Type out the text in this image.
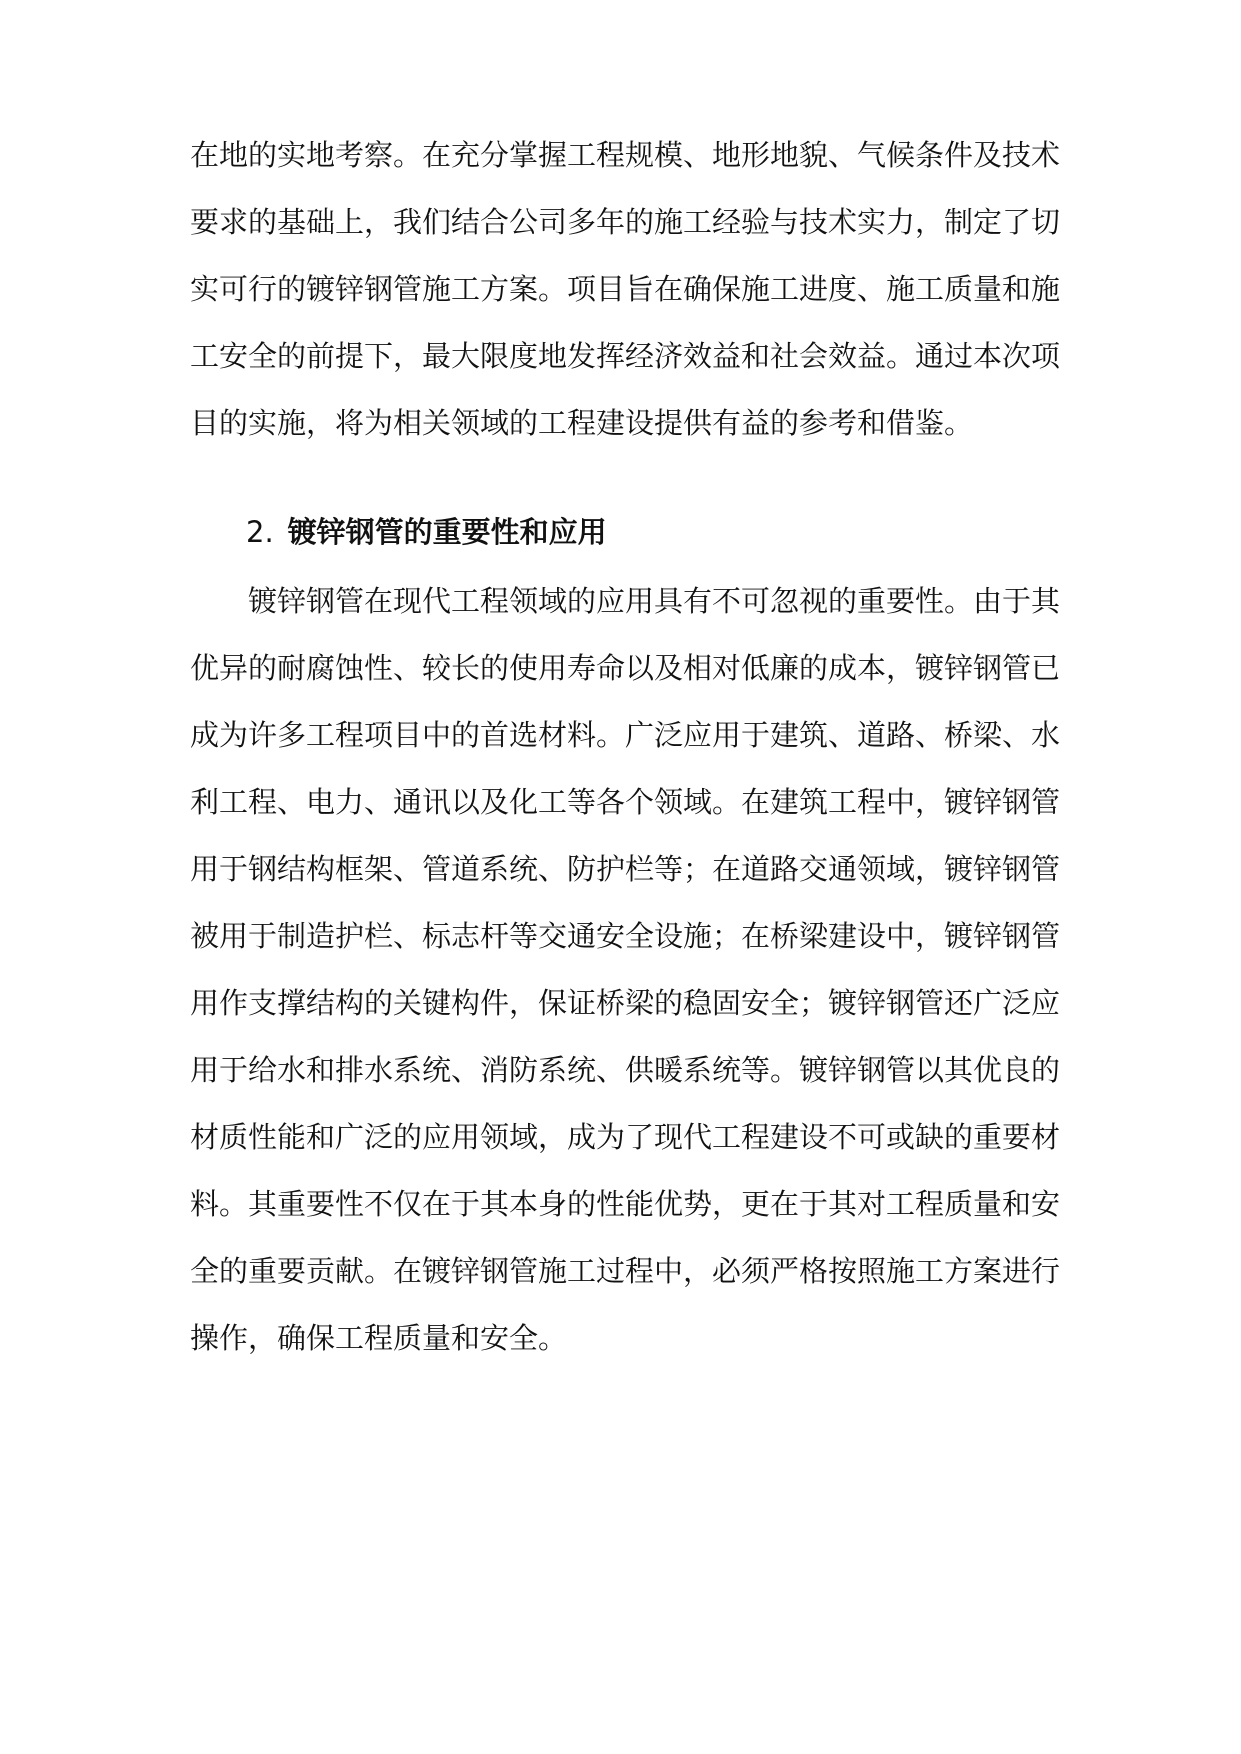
在地的实地考察。在充分掌握工程规模、地形地貌、气候条件及技术
要求的基础上，我们结合公司多年的施工经验与技术实力，制定了切
实可行的镀锌钢管施工方案。项目旨在确保施工进度、施工质量和施
工安全的前提下，最大限度地发挥经济效益和社会效益。通过本次项
目的实施，将为相关领域的工程建设提供有益的参考和借鉴。
2. 镀锌钢管的重要性和应用
镀锌钢管在现代工程领域的应用具有不可忽视的重要性。由于其
优异的耐腐蚀性、较长的使用寿命以及相对低廉的成本，镀锌钢管已
成为许多工程项目中的首选材料。广泛应用于建筑、道路、桥梁、水
利工程、电力、通讯以及化工等各个领域。在建筑工程中，镀锌钢管
用于钢结构框架、管道系统、防护栏等；在道路交通领域，镀锌钢管
被用于制造护栏、标志杆等交通安全设施；在桥梁建设中，镀锌钢管
用作支撑结构的关键构件，保证桥梁的稳固安全；镀锌钢管还广泛应
用于给水和排水系统、消防系统、供暖系统等。镀锌钢管以其优良的
材质性能和广泛的应用领域，成为了现代工程建设不可或缺的重要材
料。其重要性不仅在于其本身的性能优势，更在于其对工程质量和安
全的重要贡献。在镀锌钢管施工过程中，必须严格按照施工方案进行
操作，确保工程质量和安全。
